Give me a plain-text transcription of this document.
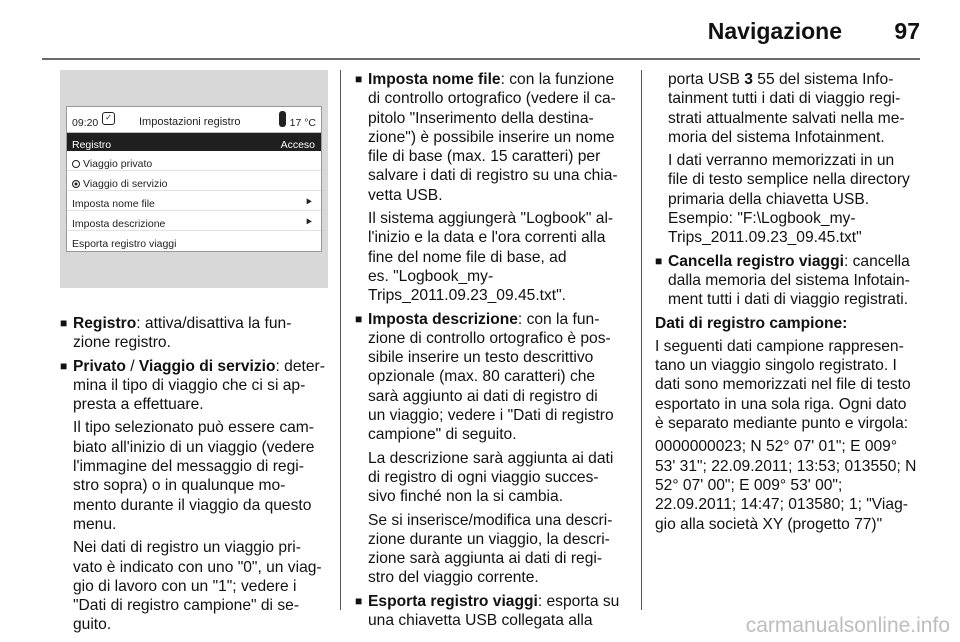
Navigazione 97
09:20 ✓ Impostazioni registro	17 °C
Registro	Acceso
Viaggio privato
Viaggio di servizio
Imposta nome file	⯈
Imposta descrizione	⯈
Esporta registro viaggi
■ Registro: attiva/disattiva la fun-
zione registro.
■ Privato / Viaggio di servizio: deter-
mina il tipo di viaggio che ci si ap-
presta a effettuare.
Il tipo selezionato può essere cam-
biato all'inizio di un viaggio (vedere
l'immagine del messaggio di regi-
stro sopra) o in qualunque mo-
mento durante il viaggio da questo
menu.
Nei dati di registro un viaggio pri-
vato è indicato con uno "0", un viag-
gio di lavoro con un "1"; vedere i
"Dati di registro campione" di se-
guito.
■ Imposta nome file: con la funzione
di controllo ortografico (vedere il ca-
pitolo "Inserimento della destina-
zione") è possibile inserire un nome
file di base (max. 15 caratteri) per
salvare i dati di registro su una chia-
vetta USB.
Il sistema aggiungerà "Logbook" al-
l'inizio e la data e l'ora correnti alla
fine del nome file di base, ad
es. "Logbook_my-
Trips_2011.09.23_09.45.txt".
■ Imposta descrizione: con la fun-
zione di controllo ortografico è pos-
sibile inserire un testo descrittivo
opzionale (max. 80 caratteri) che
sarà aggiunto ai dati di registro di
un viaggio; vedere i "Dati di registro
campione" di seguito.
La descrizione sarà aggiunta ai dati
di registro di ogni viaggio succes-
sivo finché non la si cambia.
Se si inserisce/modifica una descri-
zione durante un viaggio, la descri-
zione sarà aggiunta ai dati di regi-
stro del viaggio corrente.
■ Esporta registro viaggi: esporta su
una chiavetta USB collegata alla
porta USB 3 55 del sistema Info-
tainment tutti i dati di viaggio regi-
strati attualmente salvati nella me-
moria del sistema Infotainment.
I dati verranno memorizzati in un
file di testo semplice nella directory
primaria della chiavetta USB.
Esempio: "F:\Logbook_my-
Trips_2011.09.23_09.45.txt"
■ Cancella registro viaggi: cancella
dalla memoria del sistema Infotain-
ment tutti i dati di viaggio registrati.
Dati di registro campione:
I seguenti dati campione rappresen-
tano un viaggio singolo registrato. I
dati sono memorizzati nel file di testo
esportato in una sola riga. Ogni dato
è separato mediante punto e virgola:
0000000023; N 52° 07' 01"; E 009°
53' 31"; 22.09.2011; 13:53; 013550; N
52° 07' 00"; E 009° 53' 00";
22.09.2011; 14:47; 013580; 1; "Viag-
gio alla società XY (progetto 77)"
carmanualsonline.info
